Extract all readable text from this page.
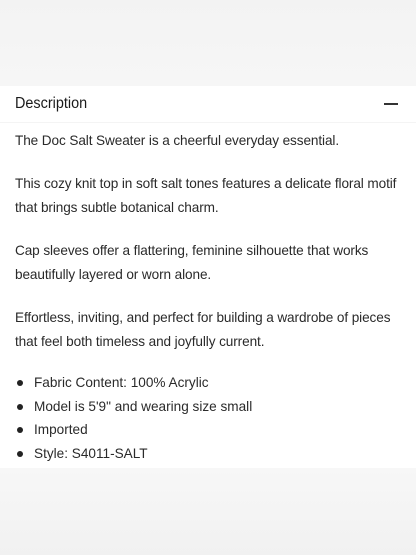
Description

The Doc Salt Sweater is a cheerful everyday essential.

This cozy knit top in soft salt tones features a delicate floral motif that brings subtle botanical charm.

Cap sleeves offer a flattering, feminine silhouette that works beautifully layered or worn alone.

Effortless, inviting, and perfect for building a wardrobe of pieces that feel both timeless and joyfully current.

Fabric Content: 100% Acrylic
Model is 5'9" and wearing size small
Imported
Style: S4011-SALT
